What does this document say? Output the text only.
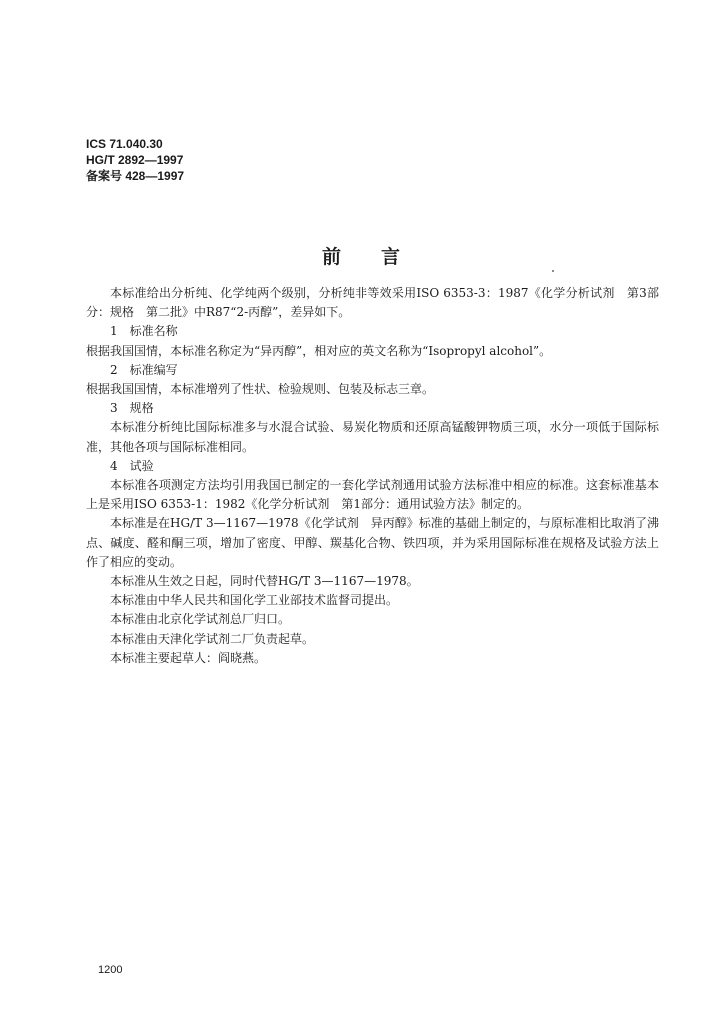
ICS 71.040.30
HG/T 2892—1997
备案号 428—1997
前言

本标准给出分析纯、化学纯两个级别，分析纯非等效采用ISO 6353-3：1987《化学分析试剂　第3部分：规格　第二批》中R87“2-丙醇”，差异如下。

1　标准名称

根据我国国情，本标准名称定为“异丙醇”，相对应的英文名称为“Isopropyl alcohol”。

2　标准编写

根据我国国情，本标准增列了性状、检验规则、包装及标志三章。

3　规格

本标准分析纯比国际标准多与水混合试验、易炭化物质和还原高锰酸钾物质三项，水分一项低于国际标准，其他各项与国际标准相同。

4　试验

本标准各项测定方法均引用我国已制定的一套化学试剂通用试验方法标准中相应的标准。这套标准基本上是采用ISO 6353-1：1982《化学分析试剂　第1部分：通用试验方法》制定的。

本标准是在HG/T 3—1167—1978《化学试剂　异丙醇》标准的基础上制定的，与原标准相比取消了沸点、碱度、醛和酮三项，增加了密度、甲醇、羰基化合物、铁四项，并为采用国际标准在规格及试验方法上作了相应的变动。

本标准从生效之日起，同时代替HG/T 3—1167—1978。

本标准由中华人民共和国化学工业部技术监督司提出。

本标准由北京化学试剂总厂归口。

本标准由天津化学试剂二厂负责起草。

本标准主要起草人：阎晓燕。

1200
